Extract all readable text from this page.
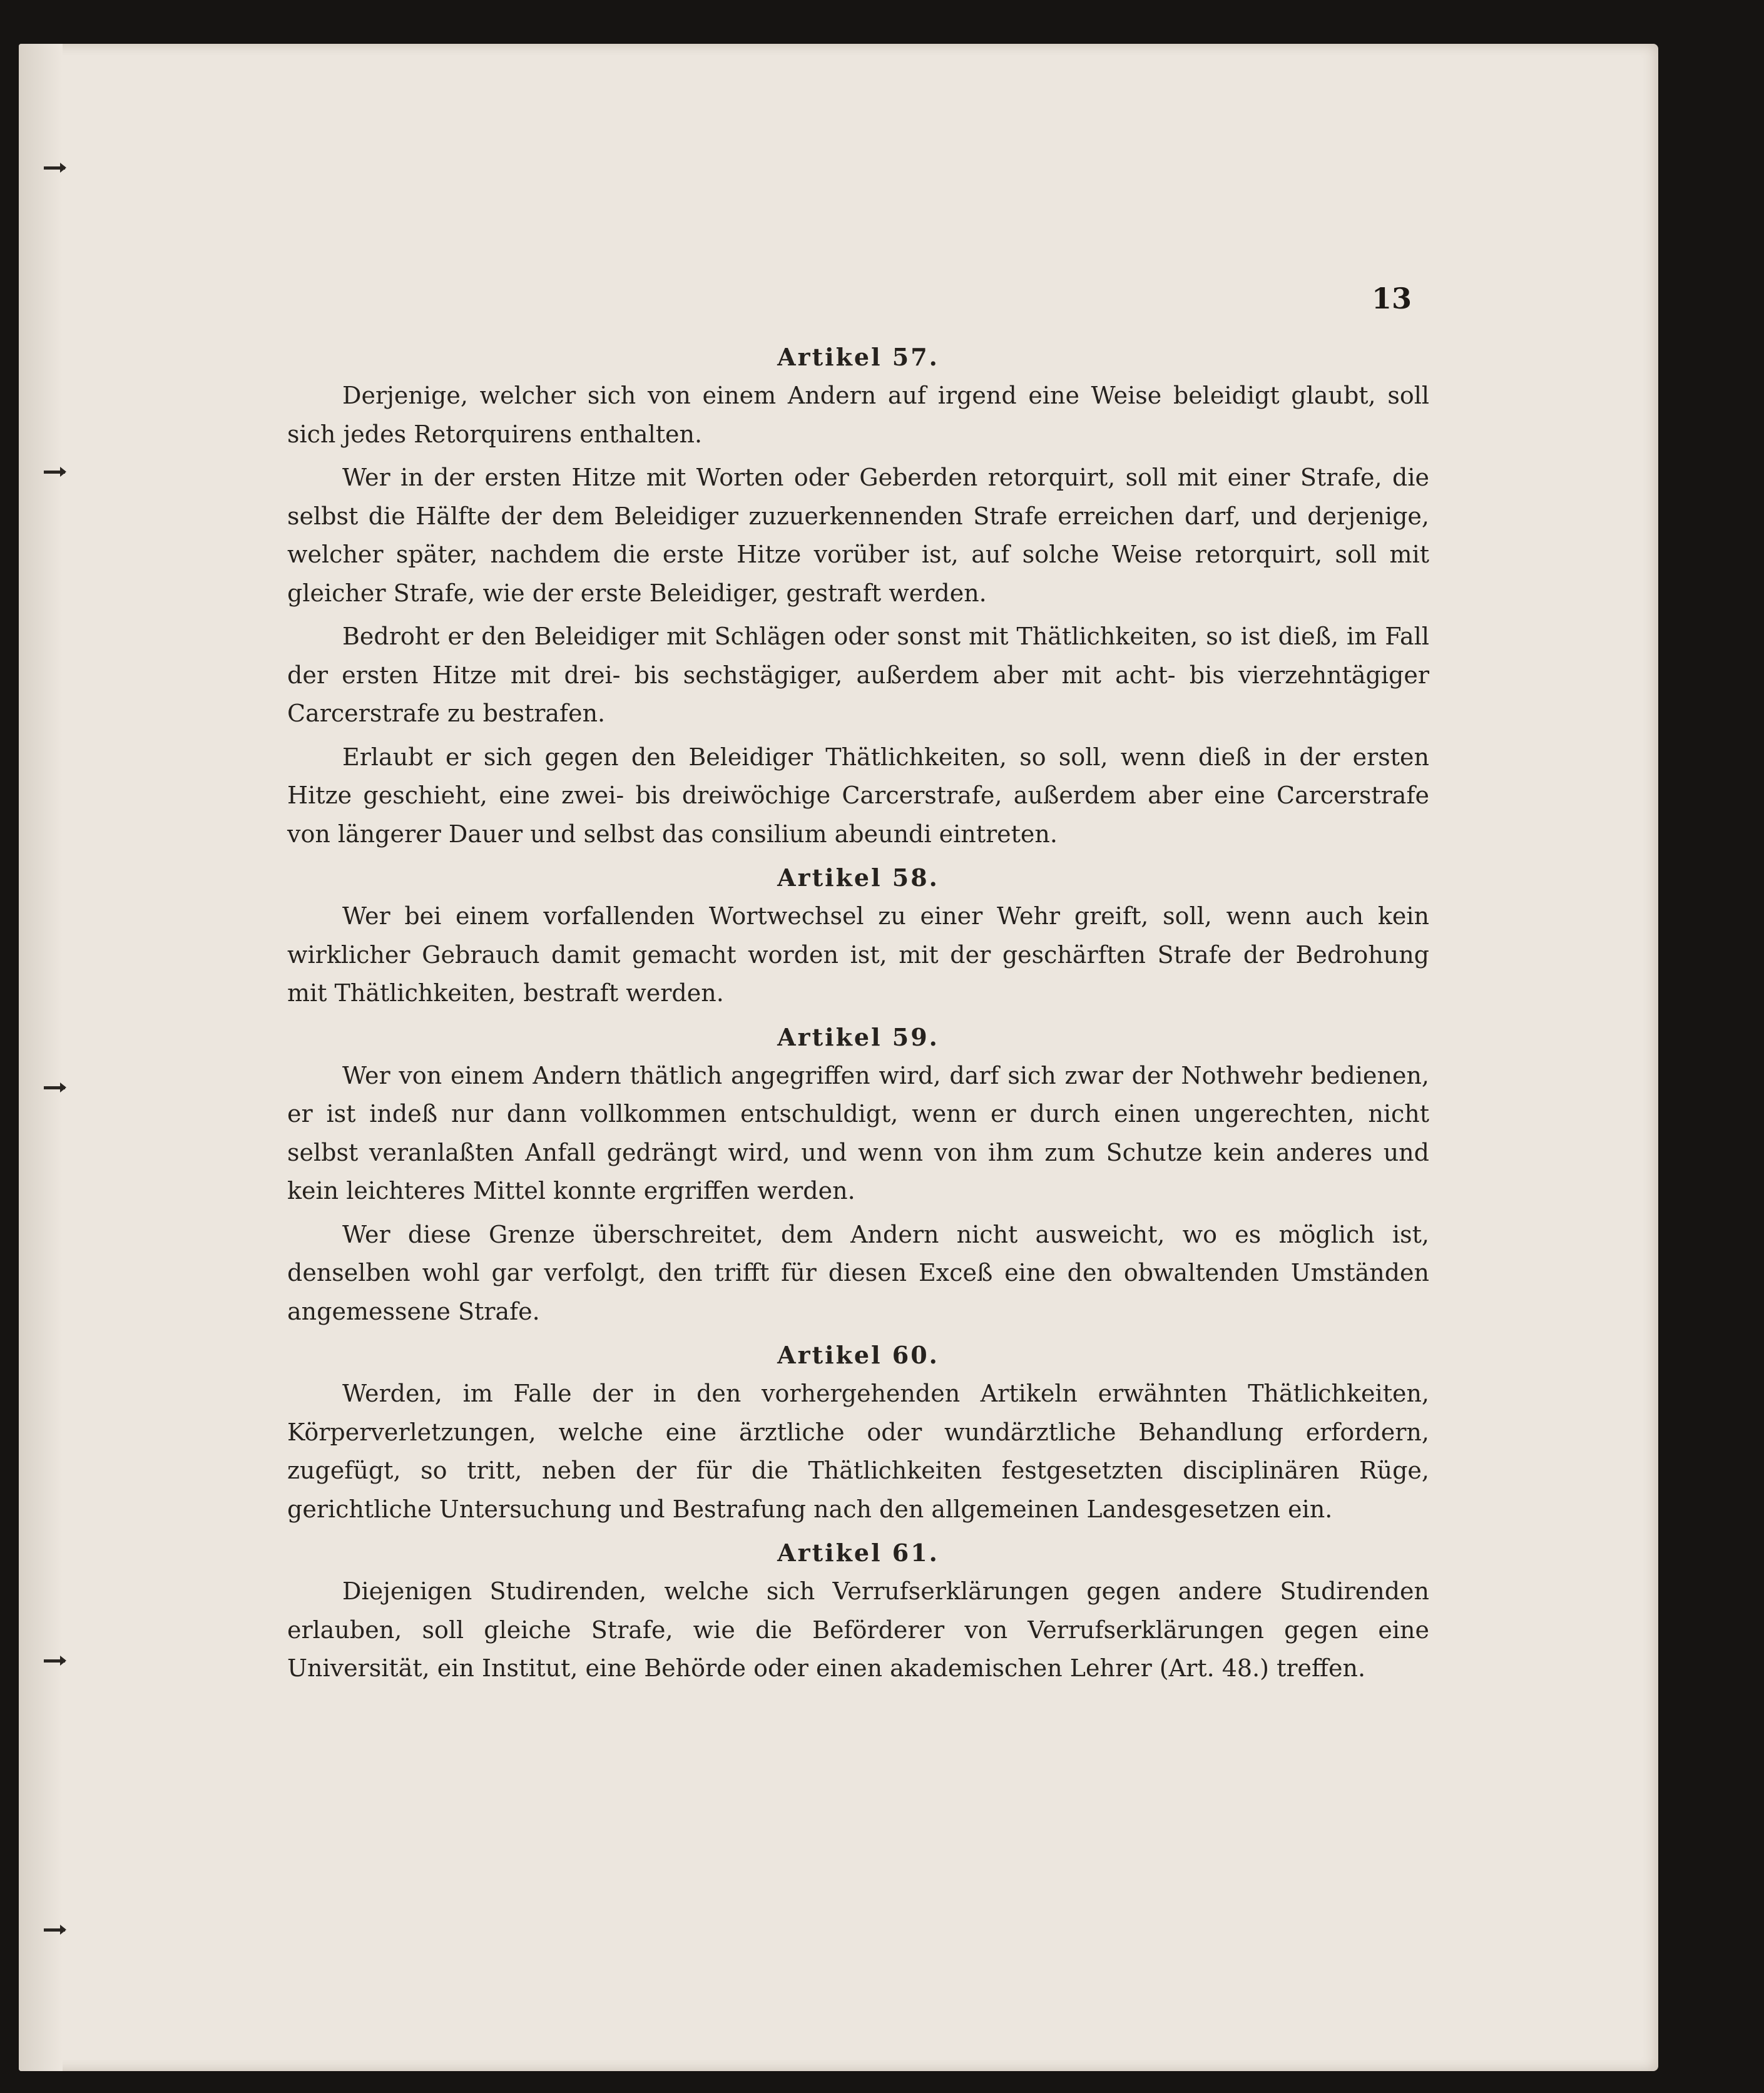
13
Artikel 57.

Derjenige, welcher sich von einem Andern auf irgend eine Weise beleidigt glaubt, soll sich jedes Retorquirens enthalten.

Wer in der ersten Hitze mit Worten oder Geberden retorquirt, soll mit einer Strafe, die selbst die Hälfte der dem Beleidiger zuzuerkennenden Strafe erreichen darf, und derjenige, welcher später, nachdem die erste Hitze vorüber ist, auf solche Weise retorquirt, soll mit gleicher Strafe, wie der erste Beleidiger, gestraft werden.

Bedroht er den Beleidiger mit Schlägen oder sonst mit Thätlichkeiten, so ist dieß, im Fall der ersten Hitze mit drei- bis sechstägiger, außerdem aber mit acht- bis vierzehntägiger Carcerstrafe zu bestrafen.

Erlaubt er sich gegen den Beleidiger Thätlichkeiten, so soll, wenn dieß in der ersten Hitze geschieht, eine zwei- bis dreiwöchige Carcerstrafe, außerdem aber eine Carcerstrafe von längerer Dauer und selbst das consilium abeundi eintreten.

Artikel 58.

Wer bei einem vorfallenden Wortwechsel zu einer Wehr greift, soll, wenn auch kein wirklicher Gebrauch damit gemacht worden ist, mit der geschärften Strafe der Bedrohung mit Thätlichkeiten, bestraft werden.

Artikel 59.

Wer von einem Andern thätlich angegriffen wird, darf sich zwar der Nothwehr bedienen, er ist indeß nur dann vollkommen entschuldigt, wenn er durch einen ungerechten, nicht selbst veranlaßten Anfall gedrängt wird, und wenn von ihm zum Schutze kein anderes und kein leichteres Mittel konnte ergriffen werden.

Wer diese Grenze überschreitet, dem Andern nicht ausweicht, wo es möglich ist, denselben wohl gar verfolgt, den trifft für diesen Exceß eine den obwaltenden Umständen angemessene Strafe.

Artikel 60.

Werden, im Falle der in den vorhergehenden Artikeln erwähnten Thätlichkeiten, Körperverletzungen, welche eine ärztliche oder wundärztliche Behandlung erfordern, zugefügt, so tritt, neben der für die Thätlichkeiten festgesetzten disciplinären Rüge, gerichtliche Untersuchung und Bestrafung nach den allgemeinen Landesgesetzen ein.

Artikel 61.

Diejenigen Studirenden, welche sich Verrufserklärungen gegen andere Studirenden erlauben, soll gleiche Strafe, wie die Beförderer von Verrufserklärungen gegen eine Universität, ein Institut, eine Behörde oder einen akademischen Lehrer (Art. 48.) treffen.
